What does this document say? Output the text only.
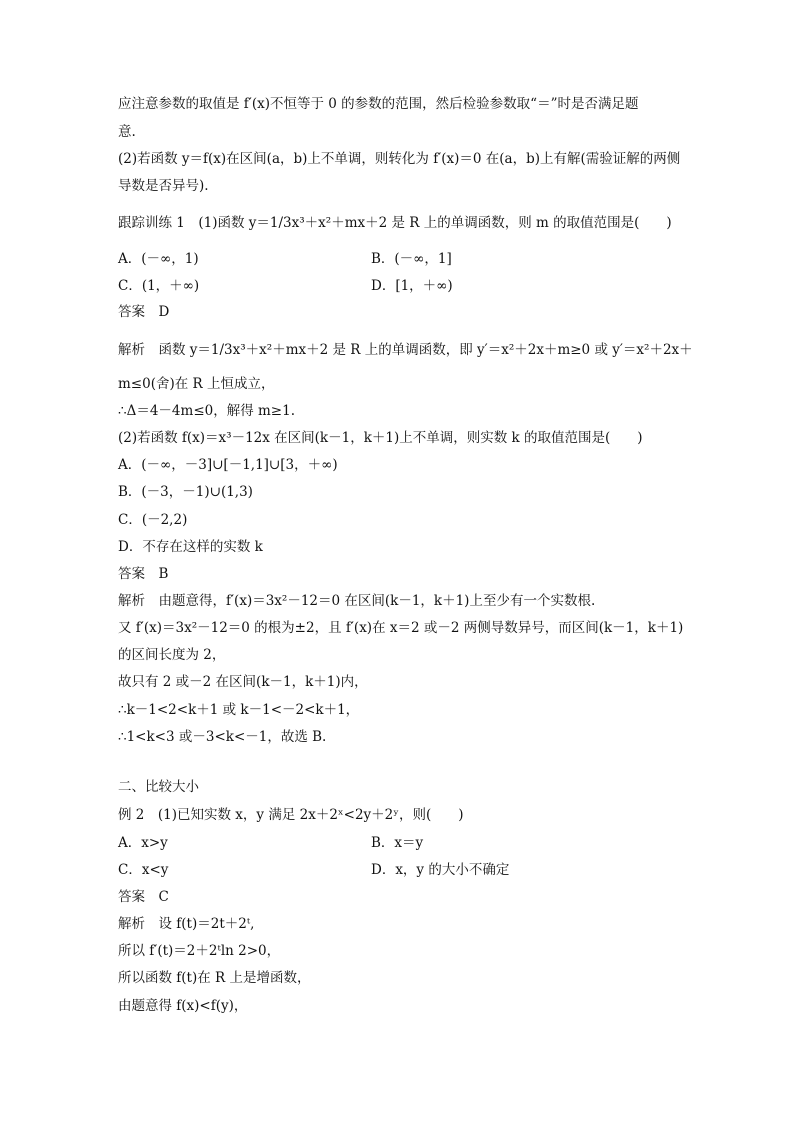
应注意参数的取值是 f′(x)不恒等于 0 的参数的范围，然后检验参数取“＝”时是否满足题
意.
(2)若函数 y＝f(x)在区间(a，b)上不单调，则转化为 f′(x)＝0 在(a，b)上有解(需验证解的两侧
导数是否异号).
跟踪训练 1　(1)函数 y＝1/3x³＋x²＋mx＋2 是 R 上的单调函数，则 m 的取值范围是(　　)
A．(－∞，1)	B．(－∞，1]
C．(1，＋∞)	D．[1，＋∞)
答案　D
解析　函数 y＝1/3x³＋x²＋mx＋2 是 R 上的单调函数，即 y′＝x²＋2x＋m≥0 或 y′＝x²＋2x＋
m≤0(舍)在 R 上恒成立，
∴Δ＝4－4m≤0，解得 m≥1.
(2)若函数 f(x)＝x³－12x 在区间(k－1，k＋1)上不单调，则实数 k 的取值范围是(　　)
A．(－∞，－3]∪[－1,1]∪[3，＋∞)
B．(－3，－1)∪(1,3)
C．(－2,2)
D．不存在这样的实数 k
答案　B
解析　由题意得，f′(x)＝3x²－12＝0 在区间(k－1，k＋1)上至少有一个实数根.
又 f′(x)＝3x²－12＝0 的根为±2，且 f′(x)在 x＝2 或－2 两侧导数异号，而区间(k－1，k＋1)
的区间长度为 2，
故只有 2 或－2 在区间(k－1，k＋1)内，
∴k－1<2<k＋1 或 k－1<－2<k＋1，
∴1<k<3 或－3<k<－1，故选 B.
二、比较大小
例 2　(1)已知实数 x，y 满足 2x＋2ˣ<2y＋2ʸ，则(　　)
A．x>y	B．x＝y
C．x<y	D．x，y 的大小不确定
答案　C
解析　设 f(t)＝2t＋2ᵗ,
所以 f′(t)＝2＋2ᵗln 2>0，
所以函数 f(t)在 R 上是增函数，
由题意得 f(x)<f(y)，
